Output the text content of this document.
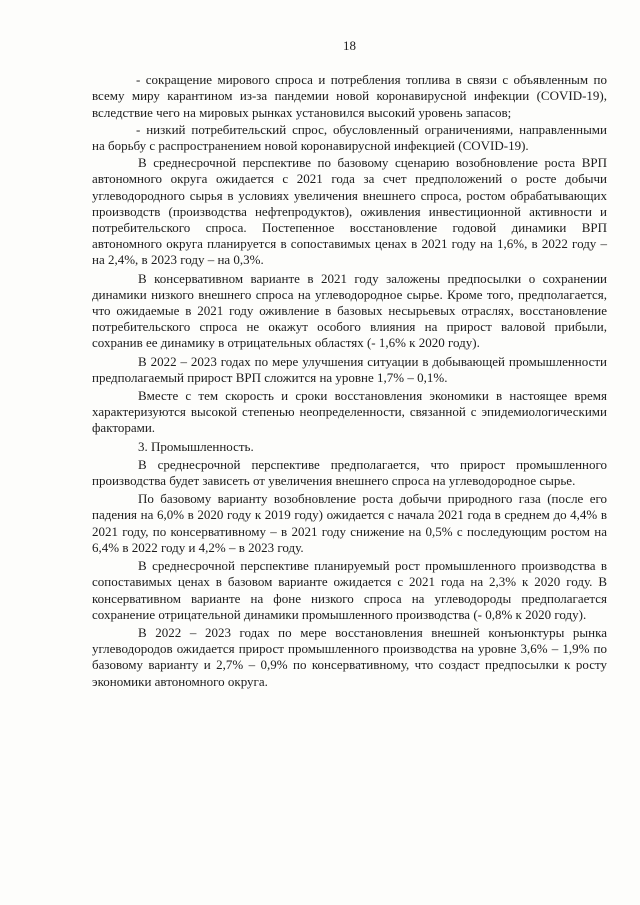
18

- сокращение мирового спроса и потребления топлива в связи с объявленным по всему миру карантином из-за пандемии новой коронавирусной инфекции (COVID-19), вследствие чего на мировых рынках установился высокий уровень запасов;

- низкий потребительский спрос, обусловленный ограничениями, направленными на борьбу с распространением новой коронавирусной инфекцией (COVID-19).

В среднесрочной перспективе по базовому сценарию возобновление роста ВРП автономного округа ожидается с 2021 года за счет предположений о росте добычи углеводородного сырья в условиях увеличения внешнего спроса, ростом обрабатывающих производств (производства нефтепродуктов), оживления инвестиционной активности и потребительского спроса. Постепенное восстановление годовой динамики ВРП автономного округа планируется в сопоставимых ценах в 2021 году на 1,6%, в 2022 году – на 2,4%, в 2023 году – на 0,3%.

В консервативном варианте в 2021 году заложены предпосылки о сохранении динамики низкого внешнего спроса на углеводородное сырье. Кроме того, предполагается, что ожидаемые в 2021 году оживление в базовых несырьевых отраслях, восстановление потребительского спроса не окажут особого влияния на прирост валовой прибыли, сохранив ее динамику в отрицательных областях (- 1,6% к 2020 году).

В 2022 – 2023 годах по мере улучшения ситуации в добывающей промышленности предполагаемый прирост ВРП сложится на уровне 1,7% – 0,1%.

Вместе с тем скорость и сроки восстановления экономики в настоящее время характеризуются высокой степенью неопределенности, связанной с эпидемиологическими факторами.

3. Промышленность.

В среднесрочной перспективе предполагается, что прирост промышленного производства будет зависеть от увеличения внешнего спроса на углеводородное сырье.

По базовому варианту возобновление роста добычи природного газа (после его падения на 6,0% в 2020 году к 2019 году) ожидается с начала 2021 года в среднем до 4,4% в 2021 году, по консервативному – в 2021 году снижение на 0,5% с последующим ростом на 6,4% в 2022 году и 4,2% – в 2023 году.

В среднесрочной перспективе планируемый рост промышленного производства в сопоставимых ценах в базовом варианте ожидается с 2021 года на 2,3% к 2020 году. В консервативном варианте на фоне низкого спроса на углеводороды предполагается сохранение отрицательной динамики промышленного производства (- 0,8% к 2020 году).

В 2022 – 2023 годах по мере восстановления внешней конъюнктуры рынка углеводородов ожидается прирост промышленного производства на уровне 3,6% – 1,9% по базовому варианту и 2,7% – 0,9% по консервативному, что создаст предпосылки к росту экономики автономного округа.
